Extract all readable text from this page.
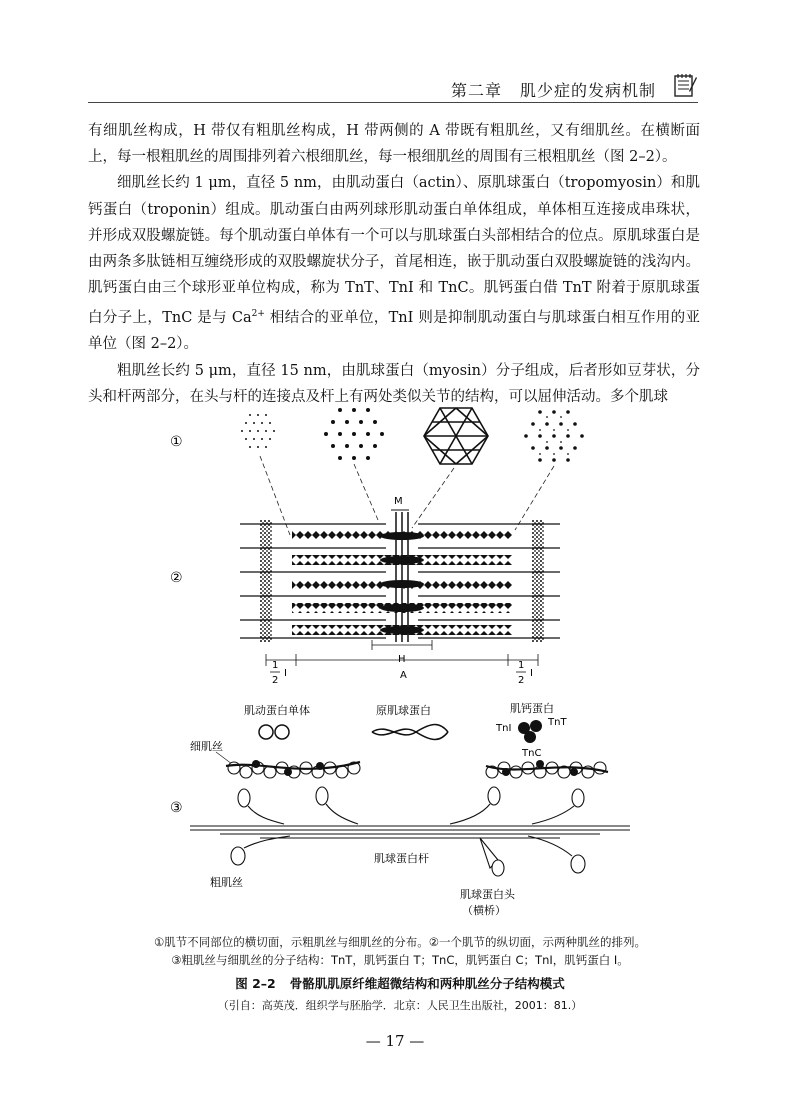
第二章 肌少症的发病机制

有细肌丝构成，H 带仅有粗肌丝构成，H 带两侧的 A 带既有粗肌丝，又有细肌丝。在横断面上，每一根粗肌丝的周围排列着六根细肌丝，每一根细肌丝的周围有三根粗肌丝（图 2–2）。

细肌丝长约 1 μm，直径 5 nm，由肌动蛋白（actin）、原肌球蛋白（tropomyosin）和肌钙蛋白（troponin）组成。肌动蛋白由两列球形肌动蛋白单体组成，单体相互连接成串珠状，并形成双股螺旋链。每个肌动蛋白单体有一个可以与肌球蛋白头部相结合的位点。原肌球蛋白是由两条多肽链相互缠绕形成的双股螺旋状分子，首尾相连，嵌于肌动蛋白双股螺旋链的浅沟内。肌钙蛋白由三个球形亚单位构成，称为 TnT、TnI 和 TnC。肌钙蛋白借 TnT 附着于原肌球蛋白分子上，TnC 是与 $Ca^{2+}$ 相结合的亚单位，TnI 则是抑制肌动蛋白与肌球蛋白相互作用的亚单位（图 2–2）。

粗肌丝长约 5 μm，直径 15 nm，由肌球蛋白（myosin）分子组成，后者形如豆芽状，分头和杆两部分，在头与杆的连接点及杆上有两处类似关节的结构，可以屈伸活动。多个肌球

①
②
③
M
H
1
2
I	A
1
2
I
肌动蛋白单体	原肌球蛋白	肌钙蛋白
TnI
TnT
TnC
细肌丝
肌球蛋白杆
粗肌丝
肌球蛋白头
（横桥）
①肌节不同部位的横切面，示粗肌丝与细肌丝的分布。②一个肌节的纵切面，示两种肌丝的排列。
③粗肌丝与细肌丝的分子结构：TnT，肌钙蛋白 T；TnC，肌钙蛋白 C；TnI，肌钙蛋白 I。
图 2–2 骨骼肌肌原纤维超微结构和两种肌丝分子结构模式
（引自：高英茂．组织学与胚胎学．北京：人民卫生出版社，2001：81.）
— 17 —
